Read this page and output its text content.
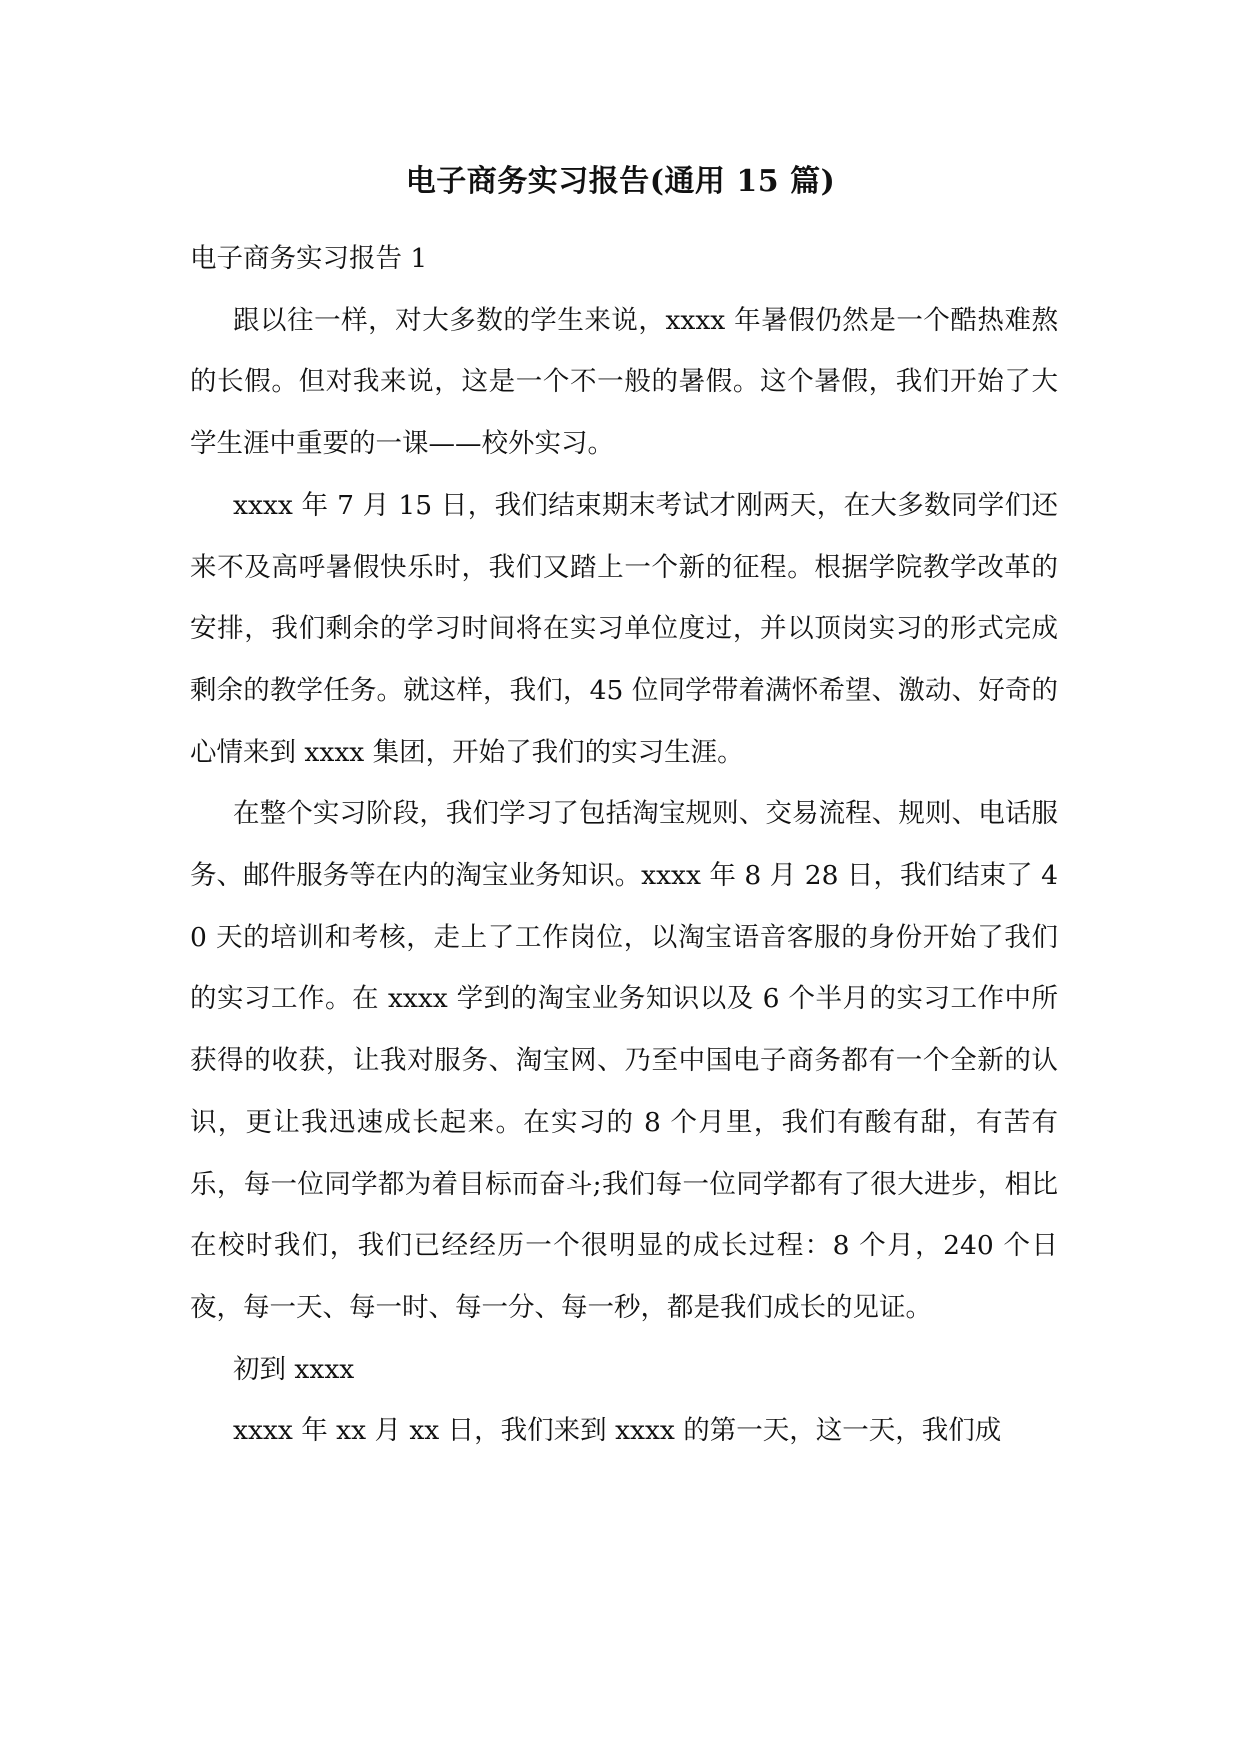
电子商务实习报告(通用 15 篇)

电子商务实习报告 1

跟以往一样，对大多数的学生来说，xxxx 年暑假仍然是一个酷热难熬的长假。但对我来说，这是一个不一般的暑假。这个暑假，我们开始了大学生涯中重要的一课——校外实习。

xxxx 年 7 月 15 日，我们结束期末考试才刚两天，在大多数同学们还来不及高呼暑假快乐时，我们又踏上一个新的征程。根据学院教学改革的安排，我们剩余的学习时间将在实习单位度过，并以顶岗实习的形式完成剩余的教学任务。就这样，我们，45 位同学带着满怀希望、激动、好奇的心情来到 xxxx 集团，开始了我们的实习生涯。

在整个实习阶段，我们学习了包括淘宝规则、交易流程、规则、电话服务、邮件服务等在内的淘宝业务知识。xxxx 年 8 月 28 日，我们结束了 40 天的培训和考核，走上了工作岗位，以淘宝语音客服的身份开始了我们的实习工作。在 xxxx 学到的淘宝业务知识以及 6 个半月的实习工作中所获得的收获，让我对服务、淘宝网、乃至中国电子商务都有一个全新的认识，更让我迅速成长起来。在实习的 8 个月里，我们有酸有甜，有苦有乐，每一位同学都为着目标而奋斗;我们每一位同学都有了很大进步，相比在校时我们，我们已经经历一个很明显的成长过程：8 个月，240 个日夜，每一天、每一时、每一分、每一秒，都是我们成长的见证。

初到 xxxx

xxxx 年 xx 月 xx 日，我们来到 xxxx 的第一天，这一天，我们成
